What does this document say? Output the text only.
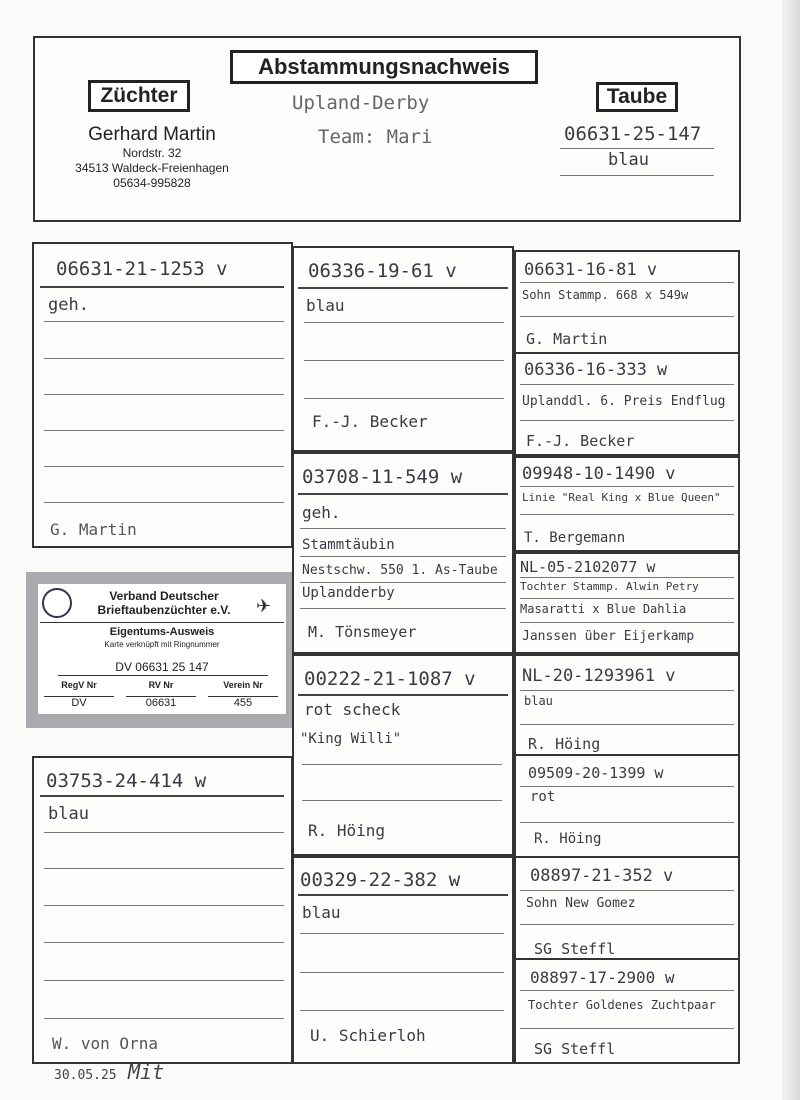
Abstammungsnachweis
Züchter	Taube
Gerhard Martin
Nordstr. 32
34513 Waldeck-Freienhagen
05634-995828
Upland-Derby
Team: Mari	06631-25-147
blau
06631-21-1253 v
geh.
G. Martin
✈
Verband Deutscher
Brieftaubenzüchter e.V.
Eigentums-Ausweis
Karte verknüpft mit Ringnummer
DV 06631 25 147
RegV Nr	RV Nr	Verein Nr
DV	06631	455
03753-24-414 w
blau
W. von Orna
06336-19-61 v
blau
F.-J. Becker
03708-11-549 w
geh.
Stammtäubin
Nestschw. 550 1. As-Taube
Uplandderby
M. Tönsmeyer
00222-21-1087 v
rot scheck
"King Willi"
R. Höing
00329-22-382 w
blau
U. Schierloh
06631-16-81 v
Sohn Stammp. 668 x 549w
G. Martin
06336-16-333 w
Uplanddl. 6. Preis Endflug
F.-J. Becker
09948-10-1490 v
Linie "Real King x Blue Queen"
T. Bergemann
NL-05-2102077 w
Tochter Stammp. Alwin Petry
Masaratti x Blue Dahlia
Janssen über Eijerkamp
NL-20-1293961 v
blau
R. Höing
09509-20-1399 w
rot
R. Höing
08897-21-352 v
Sohn New Gomez
SG Steffl
08897-17-2900 w
Tochter Goldenes Zuchtpaar
SG Steffl
30.05.25 Mit
